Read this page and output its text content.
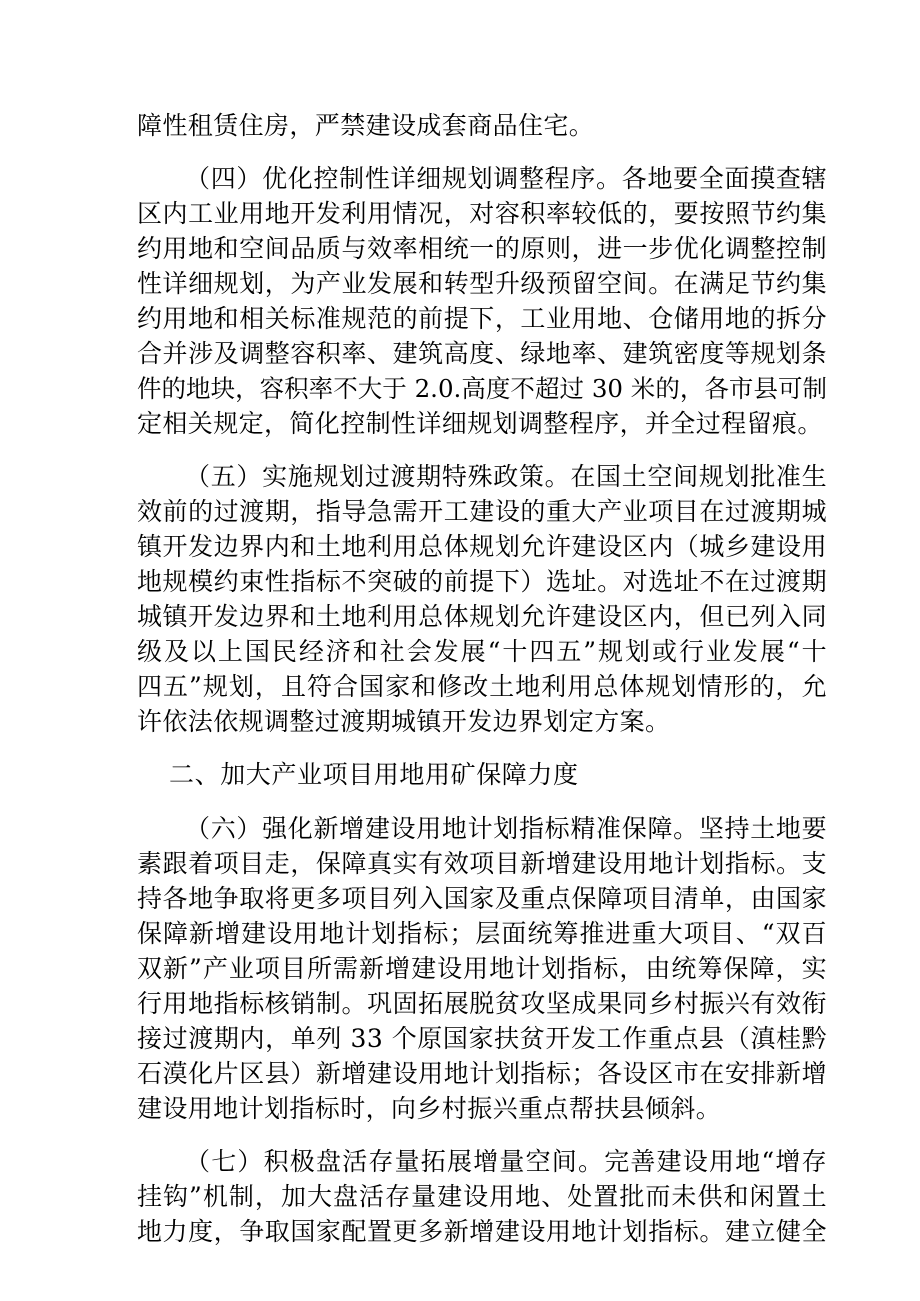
障性租赁住房，严禁建设成套商品住宅。
（四）优化控制性详细规划调整程序。各地要全面摸查辖
区内工业用地开发利用情况，对容积率较低的，要按照节约集
约用地和空间品质与效率相统一的原则，进一步优化调整控制
性详细规划，为产业发展和转型升级预留空间。在满足节约集
约用地和相关标准规范的前提下，工业用地、仓储用地的拆分
合并涉及调整容积率、建筑高度、绿地率、建筑密度等规划条
件的地块，容积率不大于 2.0.高度不超过 30 米的，各市县可制
定相关规定，简化控制性详细规划调整程序，并全过程留痕。
（五）实施规划过渡期特殊政策。在国土空间规划批准生
效前的过渡期，指导急需开工建设的重大产业项目在过渡期城
镇开发边界内和土地利用总体规划允许建设区内（城乡建设用
地规模约束性指标不突破的前提下）选址。对选址不在过渡期
城镇开发边界和土地利用总体规划允许建设区内，但已列入同
级及以上国民经济和社会发展“十四五”规划或行业发展“十
四五”规划，且符合国家和修改土地利用总体规划情形的，允
许依法依规调整过渡期城镇开发边界划定方案。
二、加大产业项目用地用矿保障力度
（六）强化新增建设用地计划指标精准保障。坚持土地要
素跟着项目走，保障真实有效项目新增建设用地计划指标。支
持各地争取将更多项目列入国家及重点保障项目清单，由国家
保障新增建设用地计划指标；层面统筹推进重大项目、“双百
双新”产业项目所需新增建设用地计划指标，由统筹保障，实
行用地指标核销制。巩固拓展脱贫攻坚成果同乡村振兴有效衔
接过渡期内，单列 33 个原国家扶贫开发工作重点县（滇桂黔
石漠化片区县）新增建设用地计划指标；各设区市在安排新增
建设用地计划指标时，向乡村振兴重点帮扶县倾斜。
（七）积极盘活存量拓展增量空间。完善建设用地“增存
挂钩”机制，加大盘活存量建设用地、处置批而未供和闲置土
地力度，争取国家配置更多新增建设用地计划指标。建立健全
